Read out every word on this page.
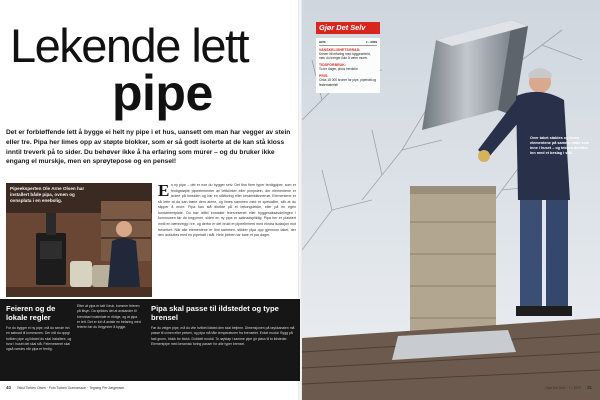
Lekende lett
pipe

Det er forbløffende lett å bygge ei helt ny pipe i et hus, uansett om man har vegger av stein eller tre. Pipa her limes opp av støpte blokker, som er så godt isolerte at de kan stå kloss inntil treverk på to sider. Du behøver ikke å ha erfaring som murer – og du bruker ikke engang el murskje, men en sprøytepose og en pensel!

Pipeeksperten Ole Arne Olsen har installert både pipa, ovnen og ovnsplata i en enebolig.

En ny pipe – det er noe du bygger selv. Det fins flere typer ferdigpiper, som er ferdigstøpte pipeelementer av lettklinker eller pimpstein, der elementene er isolert på innsiden og har en stålforing eller keramikkinnerrør. Elementene er så lette at du kan bære dem alene, og limes sammen med et spesiallim, slik at du slipper å mure. Pipa kan stå direkte på et betongdekke, eller på en egen fundamentplate. Du bør alltid kontakte feiervesenet eller byggesaksavdelingen i kommunen før du begynner, siden en ny pipe er søknadspliktig. Pipa her er plassert inntil en bærevegg i tre, og derfor er det brukt et pipeelement med ekstra isolasjon mot treverket. Når alle elementene er limt sammen, stikker pipa opp gjennom taket, der den avsluttes med en pipehatt i stål. Hele jobben tar bare et par dager.
Feieren og de lokale regler

For du bygger ei ny pipe, må du sende inn en søknad til kommunen. Der må du oppgi hvilken pipe og ildsted du skal installere, og hvor i huset det skal stå. Feiervesenet skal også varsles når pipa er ferdig.

Etter at pipa er tatt i bruk, kommer feieren på tilsyn. Da sjekkes det at avstander til brennbart materiale er riktige, og at pipa er tett. Det er lurt å avtale en befaring med feieren før du begynner å bygge.

Pipa skal passe til ildstedet og type brensel

Før du velger pipe, må du vite hvilket ildsted den skal betjene. Dimensjonen på røykkanalen må passe til ovnen eller peisen, og pipa må tåle temperaturen fra brenselet. Enkel modul: Bygg på fast grunn, blokk for blokk. Dobbelt modul: To røykløp i samme pipe gir plass til to ildsteder. Elementpipe med keramisk foring passer for alle typer brensel.

40 Tekst Torben Olsen · Foto Torben Gunnarsson · Tegning Per Jørgensen
Gjør Det Selv
GDS	1 • 2009
VANSKELIGHETSGRAD:
Krever litt erfaring med byggearbeid, men du trenger ikke å være murer.
TIDSFORBRUK:
To-tre dager, pluss herdetid
PRIS:
Cirka 15 000 kroner for pipe, pipehatt og festemateriell

Over taket stables og limes elementene på samme måte som inne i huset – og tekkes deretter inn med et beslag i stål.

Gjør Det Selv · 1 • 2009 41
